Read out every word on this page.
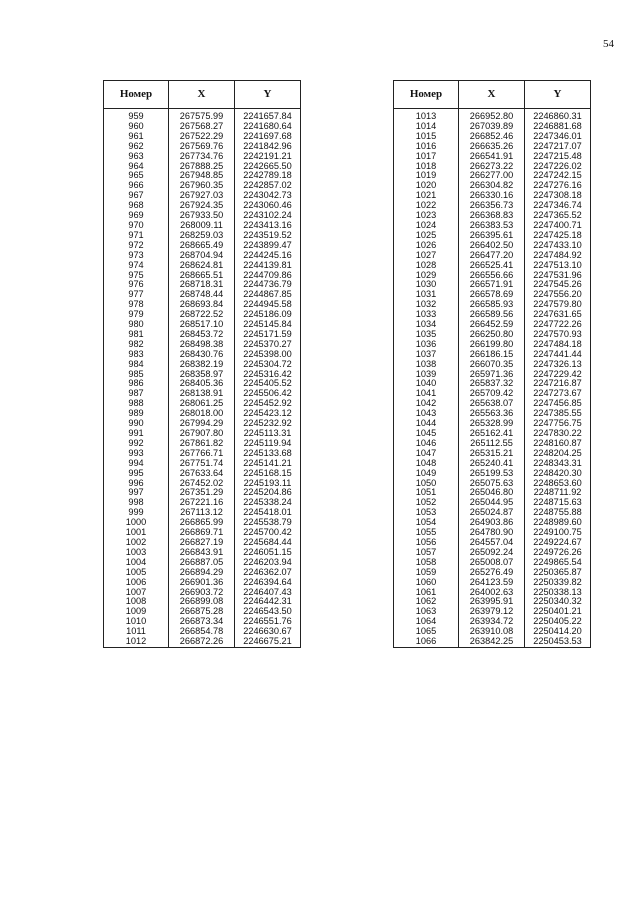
54
Номер	X	Y

959	267575.99	2241657.84
960	267568.27	2241680.64
961	267522.29	2241697.68
962	267569.76	2241842.96
963	267734.76	2242191.21
964	267888.25	2242665.50
965	267948.85	2242789.18
966	267960.35	2242857.02
967	267927.03	2243042.73
968	267924.35	2243060.46
969	267933.50	2243102.24
970	268009.11	2243413.16
971	268259.03	2243519.52
972	268665.49	2243899.47
973	268704.94	2244245.16
974	268624.81	2244139.81
975	268665.51	2244709.86
976	268718.31	2244736.79
977	268748.44	2244867.85
978	268693.84	2244945.58
979	268722.52	2245186.09
980	268517.10	2245145.84
981	268453.72	2245171.59
982	268498.38	2245370.27
983	268430.76	2245398.00
984	268382.19	2245304.72
985	268358.97	2245316.42
986	268405.36	2245405.52
987	268138.91	2245506.42
988	268061.25	2245452.92
989	268018.00	2245423.12
990	267994.29	2245232.92
991	267907.80	2245113.31
992	267861.82	2245119.94
993	267766.71	2245133.68
994	267751.74	2245141.21
995	267633.64	2245168.15
996	267452.02	2245193.11
997	267351.29	2245204.86
998	267221.16	2245338.24
999	267113.12	2245418.01
1000	266865.99	2245538.79
1001	266869.71	2245700.42
1002	266827.19	2245684.44
1003	266843.91	2246051.15
1004	266887.05	2246203.94
1005	266894.29	2246362.07
1006	266901.36	2246394.64
1007	266903.72	2246407.43
1008	266899.08	2246442.31
1009	266875.28	2246543.50
1010	266873.34	2246551.76
1011	266854.78	2246630.67
1012	266872.26	2246675.21
Номер	X	Y

1013	266952.80	2246860.31
1014	267039.89	2246881.68
1015	266852.46	2247346.01
1016	266635.26	2247217.07
1017	266541.91	2247215.48
1018	266273.22	2247226.02
1019	266277.00	2247242.15
1020	266304.82	2247276.16
1021	266330.16	2247308.18
1022	266356.73	2247346.74
1023	266368.83	2247365.52
1024	266383.53	2247400.71
1025	266395.61	2247425.18
1026	266402.50	2247433.10
1027	266477.20	2247484.92
1028	266525.41	2247513.10
1029	266556.66	2247531.96
1030	266571.91	2247545.26
1031	266578.69	2247556.20
1032	266585.93	2247579.80
1033	266589.56	2247631.65
1034	266452.59	2247722.26
1035	266250.80	2247570.93
1036	266199.80	2247484.18
1037	266186.15	2247441.44
1038	266070.35	2247326.13
1039	265971.36	2247229.42
1040	265837.32	2247216.87
1041	265709.42	2247273.67
1042	265638.07	2247456.85
1043	265563.36	2247385.55
1044	265328.99	2247756.75
1045	265162.41	2247830.22
1046	265112.55	2248160.87
1047	265315.21	2248204.25
1048	265240.41	2248343.31
1049	265199.53	2248420.30
1050	265075.63	2248653.60
1051	265046.80	2248711.92
1052	265044.95	2248715.63
1053	265024.87	2248755.88
1054	264903.86	2248989.60
1055	264780.90	2249100.75
1056	264557.04	2249224.67
1057	265092.24	2249726.26
1058	265008.07	2249865.54
1059	265276.49	2250365.87
1060	264123.59	2250339.82
1061	264002.63	2250338.13
1062	263995.91	2250340.32
1063	263979.12	2250401.21
1064	263934.72	2250405.22
1065	263910.08	2250414.20
1066	263842.25	2250453.53
